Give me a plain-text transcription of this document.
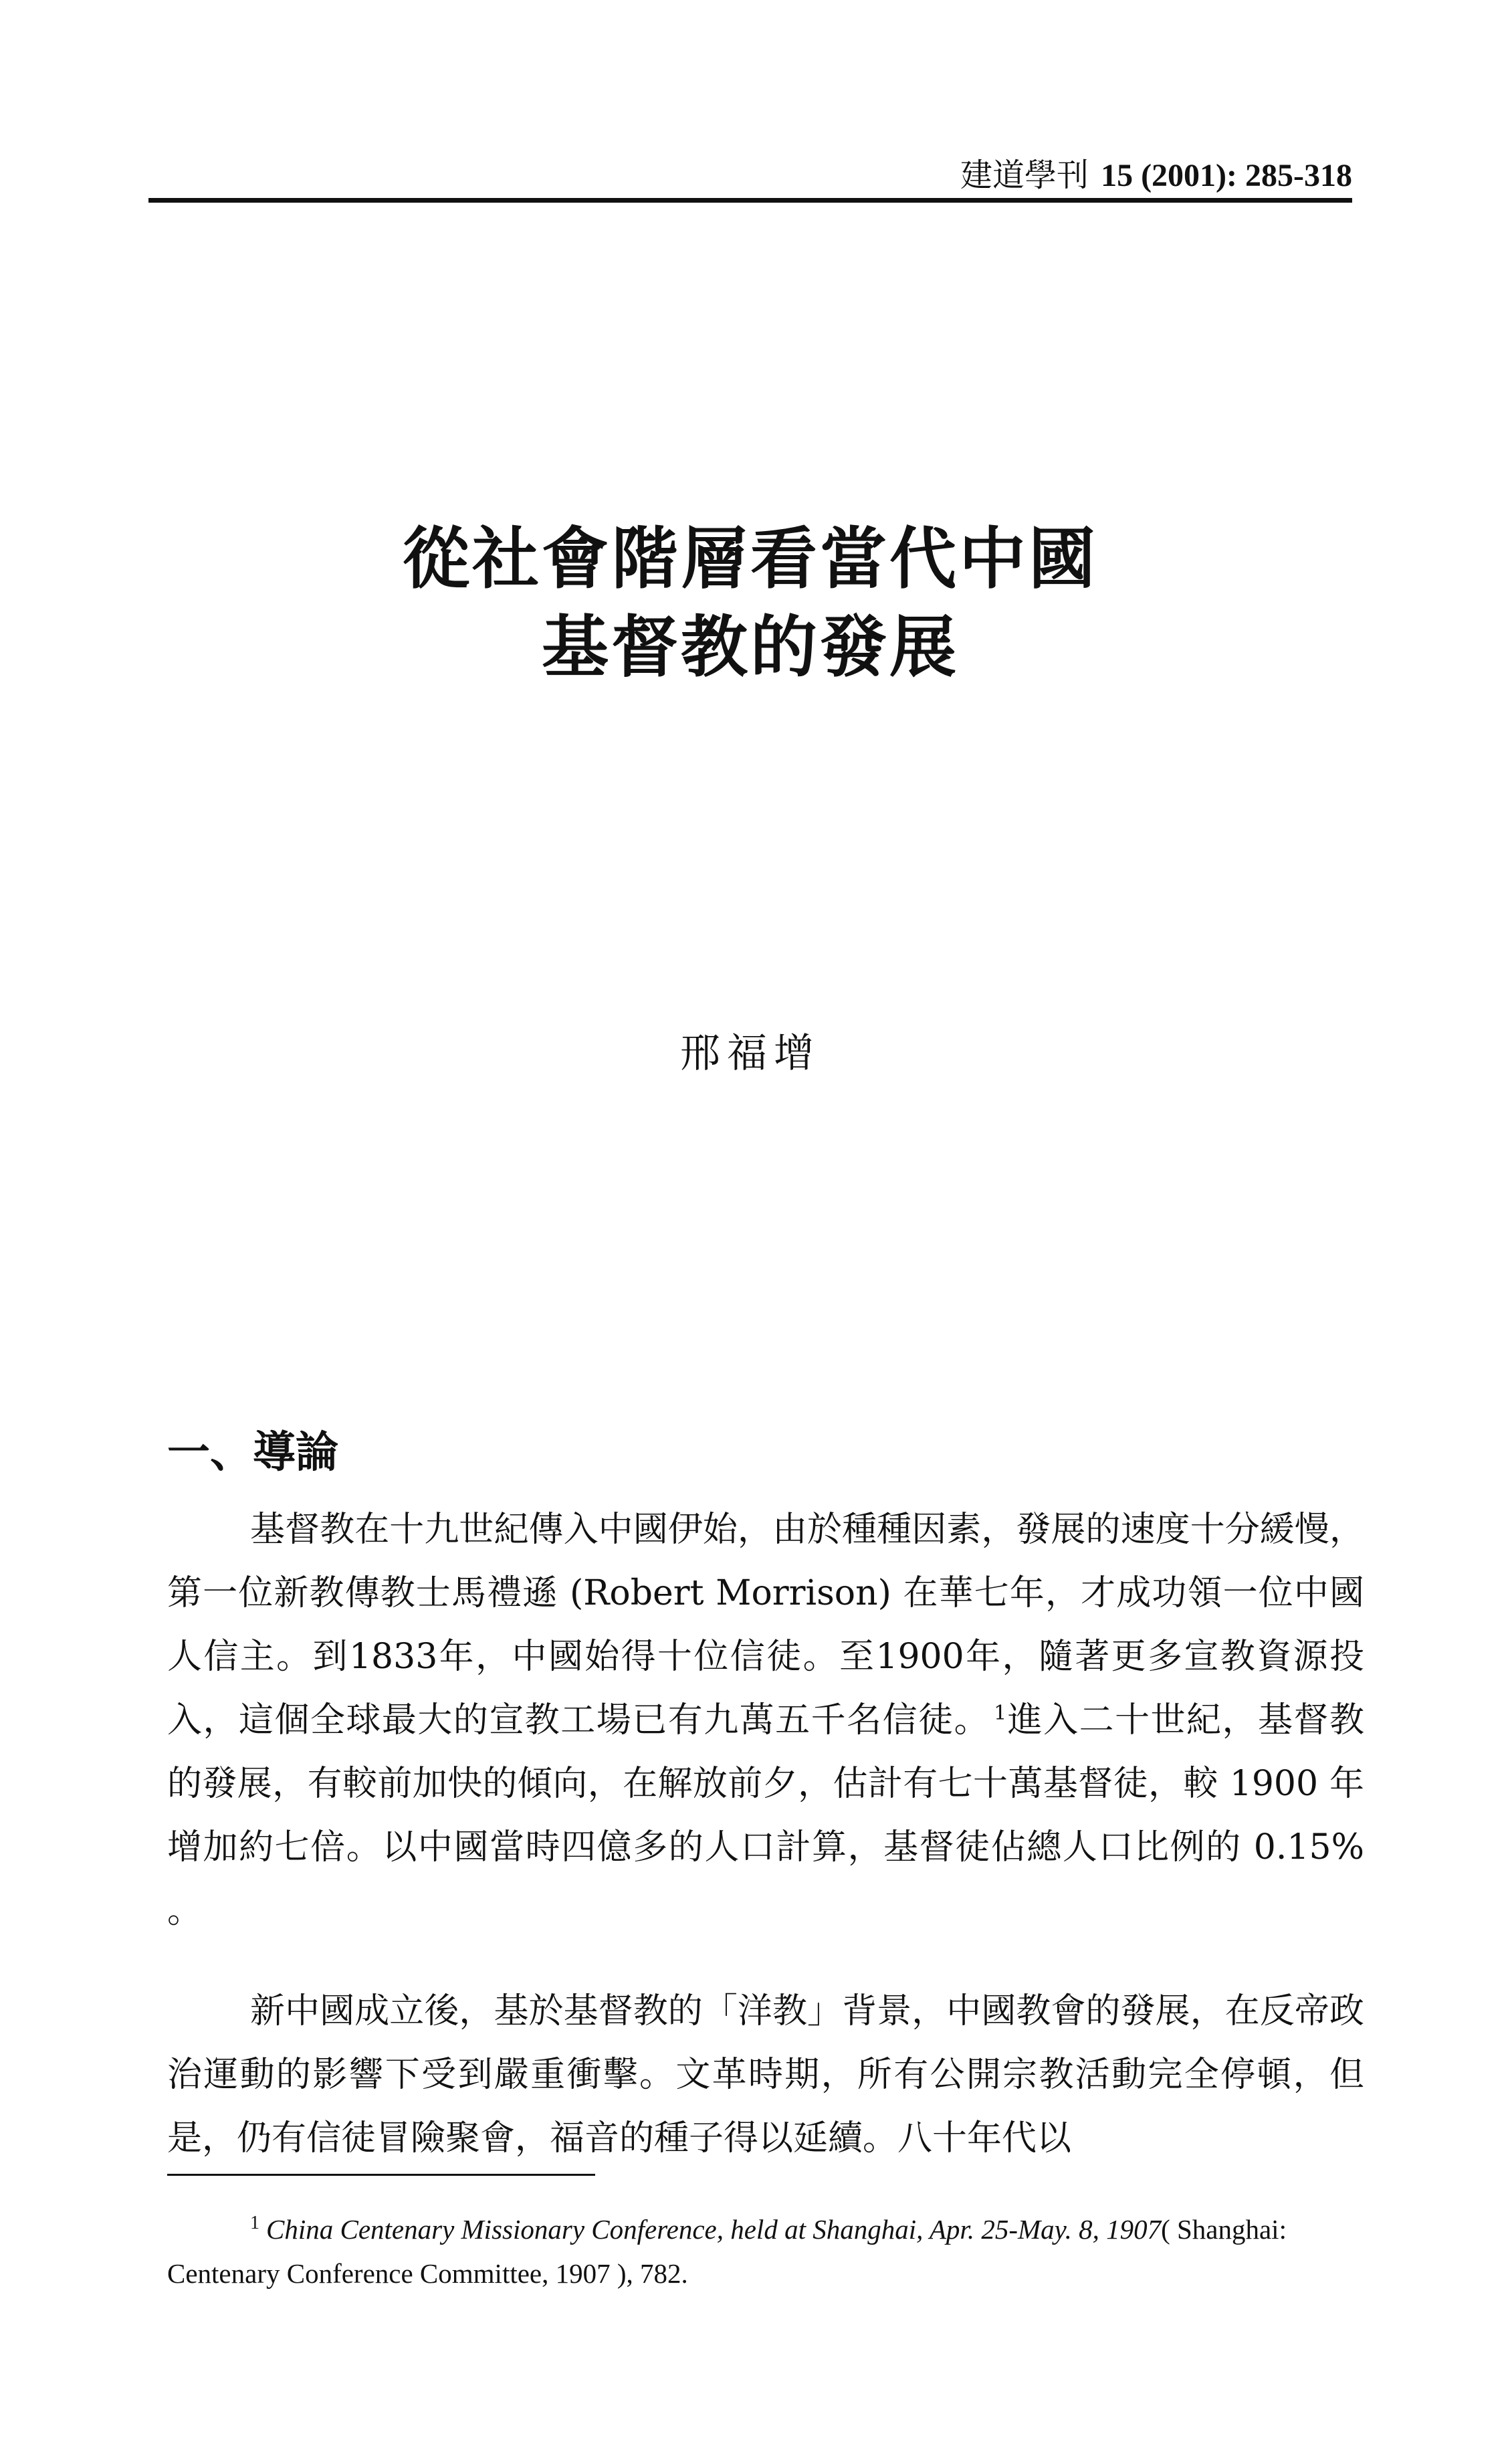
建道學刊 15 (2001): 285-318
從社會階層看當代中國
基督教的發展
邢福增
一、導論

基督教在十九世紀傳入中國伊始，由於種種因素，發展的速度十分緩慢，第一位新教傳教士馬禮遜 (Robert Morrison) 在華七年，才成功領一位中國人信主。到1833年，中國始得十位信徒。至1900年，隨著更多宣教資源投入，這個全球最大的宣教工場已有九萬五千名信徒。 $^1$進入二十世紀，基督教的發展，有較前加快的傾向，在解放前夕，估計有七十萬基督徒，較 1900 年增加約七倍。以中國當時四億多的人口計算，基督徒佔總人口比例的 0.15% 。

新中國成立後，基於基督教的「洋教」背景，中國教會的發展，在反帝政治運動的影響下受到嚴重衝擊。文革時期，所有公開宗教活動完全停頓，但是，仍有信徒冒險聚會，福音的種子得以延續。八十年代以

$^1$ China Centenary Missionary Conference, held at Shanghai, Apr. 25-May. 8, 1907( Shanghai: Centenary Conference Committee, 1907 ), 782.
